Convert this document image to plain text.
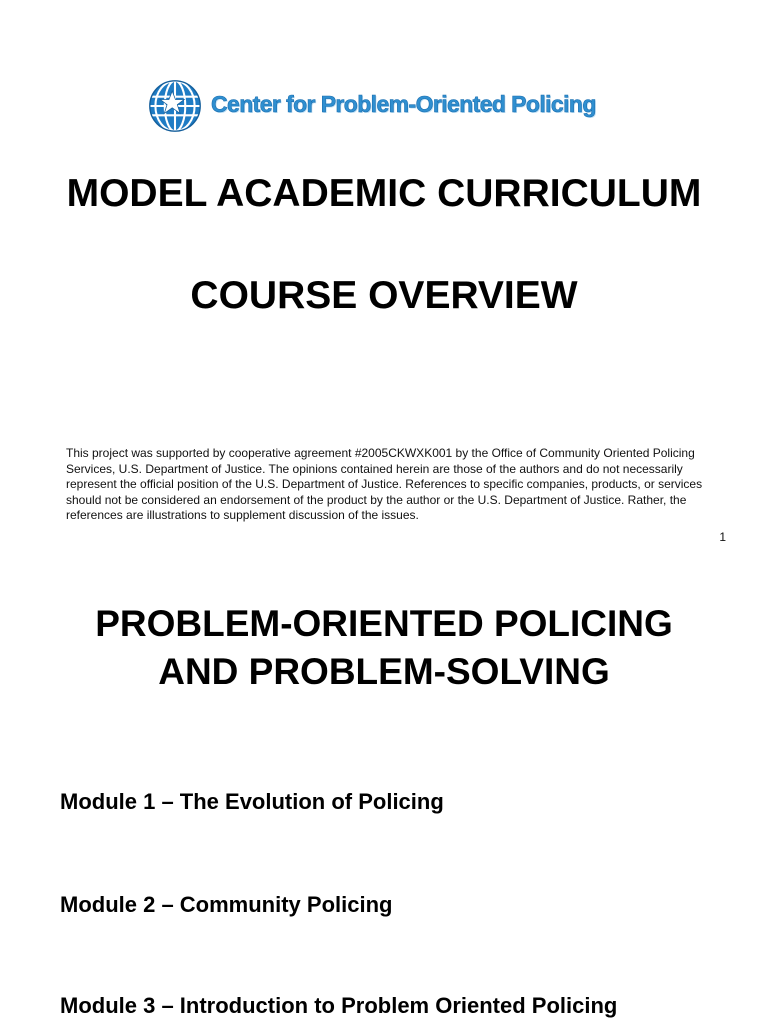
Center for Problem-Oriented Policing
MODEL ACADEMIC CURRICULUM
COURSE OVERVIEW

This project was supported by cooperative agreement #2005CKWXK001 by the Office of Community Oriented Policing Services, U.S. Department of Justice. The opinions contained herein are those of the authors and do not necessarily represent the official position of the U.S. Department of Justice. References to specific companies, products, or services should not be considered an endorsement of the product by the author or the U.S. Department of Justice. Rather, the references are illustrations to supplement discussion of the issues.

1
PROBLEM-ORIENTED POLICING
AND PROBLEM-SOLVING
Module 1 – The Evolution of Policing
Module 2 – Community Policing
Module 3 – Introduction to Problem Oriented Policing
